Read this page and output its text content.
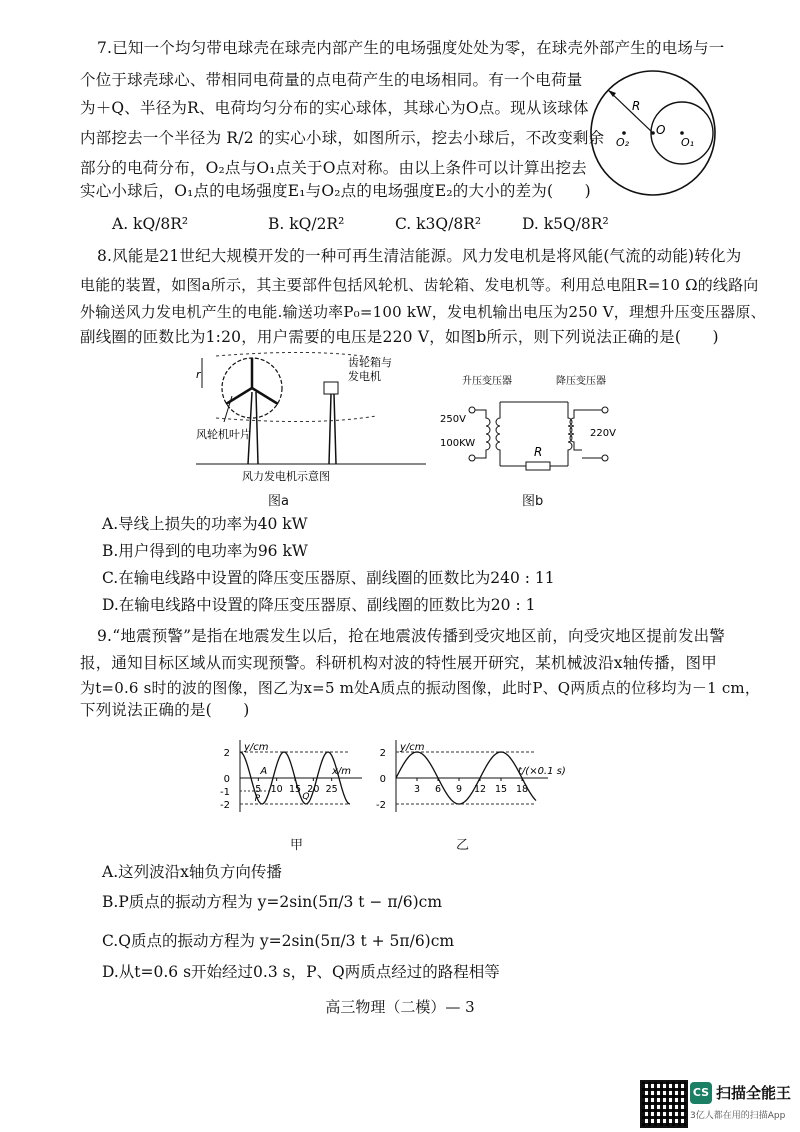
7.已知一个均匀带电球壳在球壳内部产生的电场强度处处为零，在球壳外部产生的电场与一
个位于球壳球心、带相同电荷量的点电荷产生的电场相同。有一个电荷量
为＋Q、半径为R、电荷均匀分布的实心球体，其球心为O点。现从该球体
内部挖去一个半径为 R/2 的实心小球，如图所示，挖去小球后，不改变剩余
部分的电荷分布，O₂点与O₁点关于O点对称。由以上条件可以计算出挖去
实心小球后，O₁点的电场强度E₁与O₂点的电场强度E₂的大小的差为(　　)
R
O
O₁
O₂
A. kQ/8R²	B. kQ/2R²	C. k3Q/8R²	D. k5Q/8R²
8.风能是21世纪大规模开发的一种可再生清洁能源。风力发电机是将风能(气流的动能)转化为
电能的装置，如图a所示，其主要部件包括风轮机、齿轮箱、发电机等。利用总电阻R=10 Ω的线路向
外输送风力发电机产生的电能.输送功率P₀=100 kW，发电机输出电压为250 V，理想升压变压器原、
副线圈的匝数比为1:20，用户需要的电压是220 V，如图b所示，则下列说法正确的是(　　)
r
齿轮箱与
发电机
风轮机叶片
风力发电机示意图
图a
升压变压器	降压变压器
250V
100KW
R
220V
图b
A.导线上损失的功率为40 kW
B.用户得到的电功率为96 kW
C.在输电线路中设置的降压变压器原、副线圈的匝数比为240 : 11
D.在输电线路中设置的降压变压器原、副线圈的匝数比为20 : 1
9.“地震预警”是指在地震发生以后，抢在地震波传播到受灾地区前，向受灾地区提前发出警
报，通知目标区域从而实现预警。科研机构对波的特性展开研究，某机械波沿x轴传播，图甲
为t=0.6 s时的波的图像，图乙为x=5 m处A质点的振动图像，此时P、Q两质点的位移均为－1 cm，
下列说法正确的是(　　)
y/cm
x/m
2
0
-1
-2
5 10 15 20 25
A
P	Q
甲
y/cm
t/(×0.1 s)
2
0
-2
3 6 9 12 15 18
乙
A.这列波沿x轴负方向传播
B.P质点的振动方程为 y=2sin(5π/3 t − π/6)cm
C.Q质点的振动方程为 y=2sin(5π/3 t + 5π/6)cm
D.从t=0.6 s开始经过0.3 s，P、Q两质点经过的路程相等
高三物理（二模）— 3
CS 扫描全能王
3亿人都在用的扫描App
